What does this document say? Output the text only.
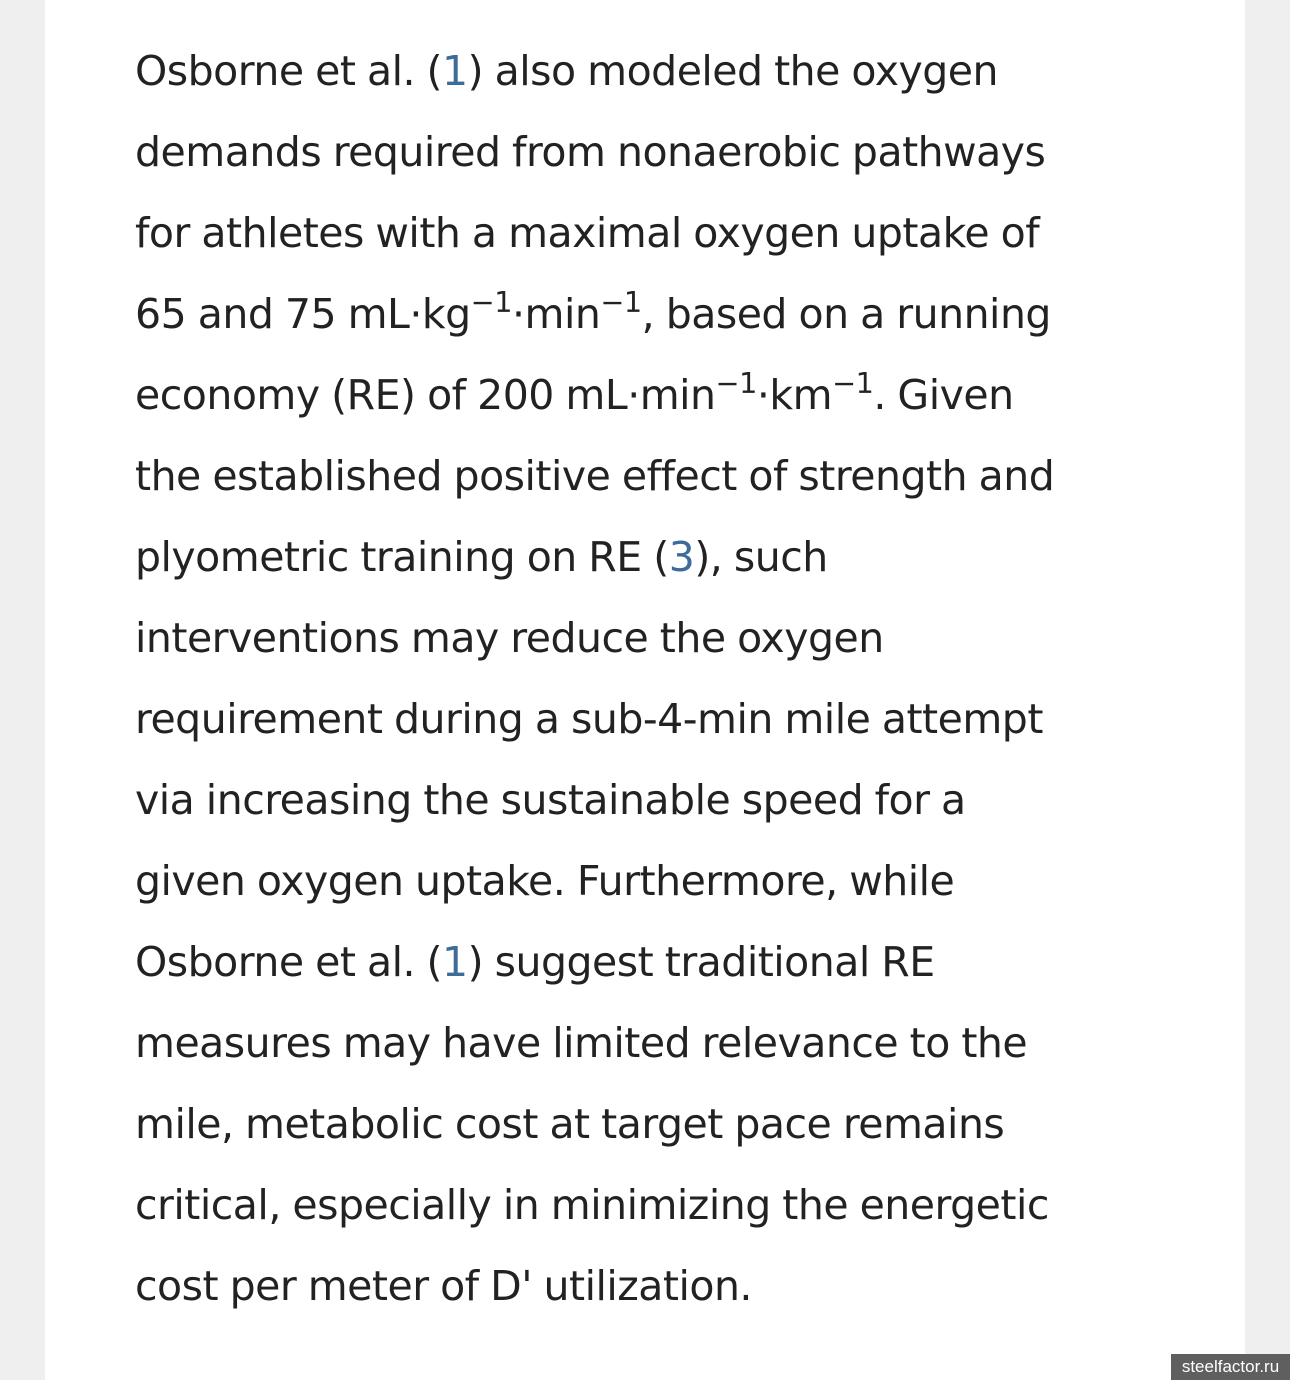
Osborne et al. (1) also modeled the oxygen
demands required from nonaerobic pathways
for athletes with a maximal oxygen uptake of
65 and 75 $mL\cdot kg^{-1}\cdot\min^{-1}$, based on a running
economy (RE) of 200 $mL\cdot\min^{-1}\cdot km^{-1}$. Given
the established positive effect of strength and
plyometric training on RE (3), such
interventions may reduce the oxygen
requirement during a sub-4-min mile attempt
via increasing the sustainable speed for a
given oxygen uptake. Furthermore, while
Osborne et al. (1) suggest traditional RE
measures may have limited relevance to the
mile, metabolic cost at target pace remains
critical, especially in minimizing the energetic
cost per meter of D' utilization.

steelfactor.ru
